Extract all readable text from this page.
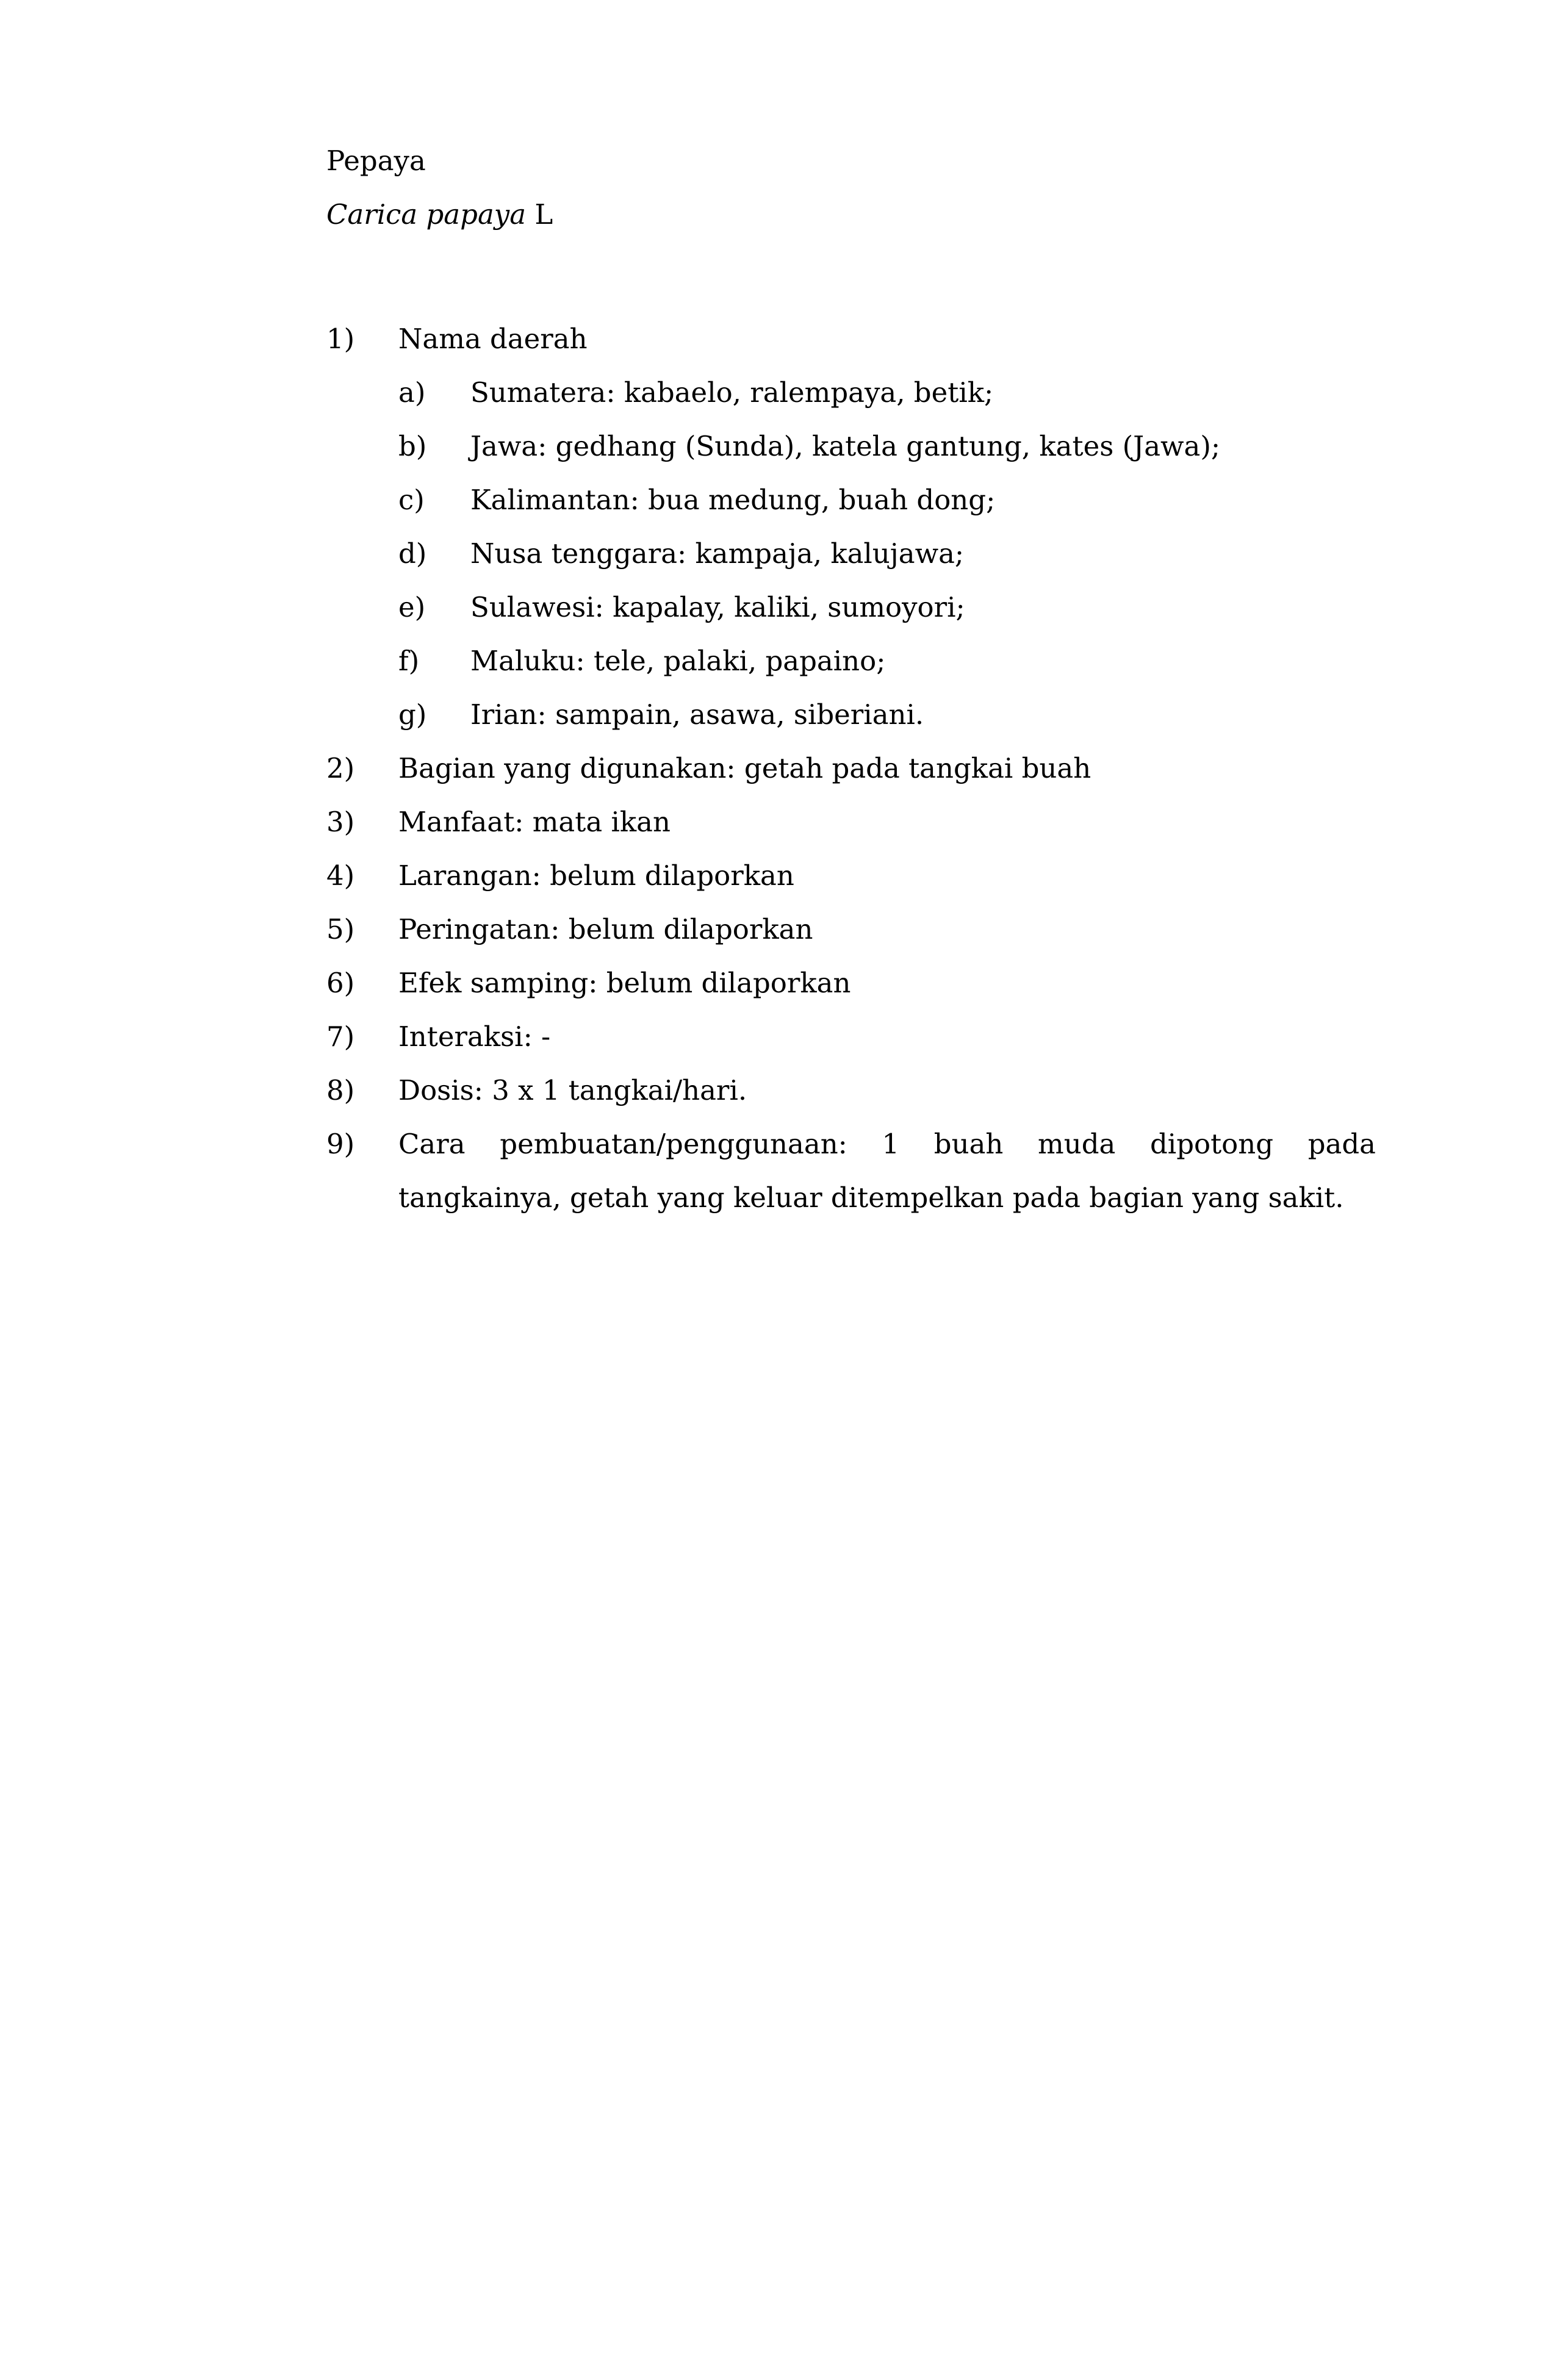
Pepaya
Carica papaya L
1) Nama daerah
a) Sumatera: kabaelo, ralempaya, betik;
b) Jawa: gedhang (Sunda), katela gantung, kates (Jawa);
c) Kalimantan: bua medung, buah dong;
d) Nusa tenggara: kampaja, kalujawa;
e) Sulawesi: kapalay, kaliki, sumoyori;
f) Maluku: tele, palaki, papaino;
g) Irian: sampain, asawa, siberiani.
2) Bagian yang digunakan: getah pada tangkai buah
3) Manfaat: mata ikan
4) Larangan: belum dilaporkan
5) Peringatan: belum dilaporkan
6) Efek samping: belum dilaporkan
7) Interaksi: -
8) Dosis: 3 x 1 tangkai/hari.
9) Cara pembuatan/penggunaan: 1 buah muda dipotong pada tangkainya, getah yang keluar ditempelkan pada bagian yang sakit.
